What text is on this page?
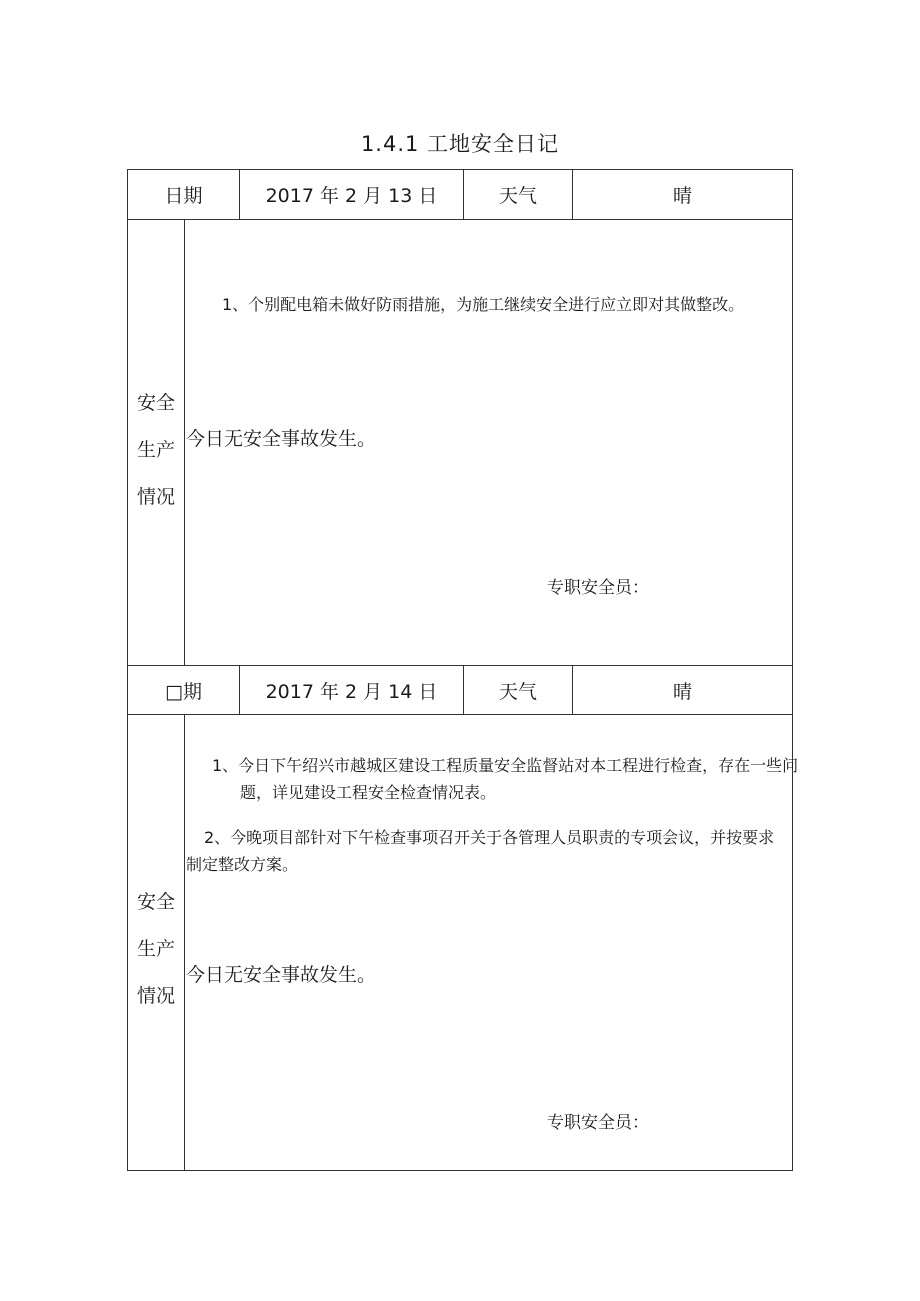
1.4.1 工地安全日记
日期	2017 年 2 月 13 日	天气	晴
安全
生产
情况
1、个别配电箱未做好防雨措施，为施工继续安全进行应立即对其做整改。
今日无安全事故发生。
专职安全员：
□期	2017 年 2 月 14 日	天气	晴
安全
生产
情况
1、今日下午绍兴市越城区建设工程质量安全监督站对本工程进行检查，存在一些问题，详见建设工程安全检查情况表。
2、今晚项目部针对下午检查事项召开关于各管理人员职责的专项会议，并按要求制定整改方案。
今日无安全事故发生。
专职安全员：
